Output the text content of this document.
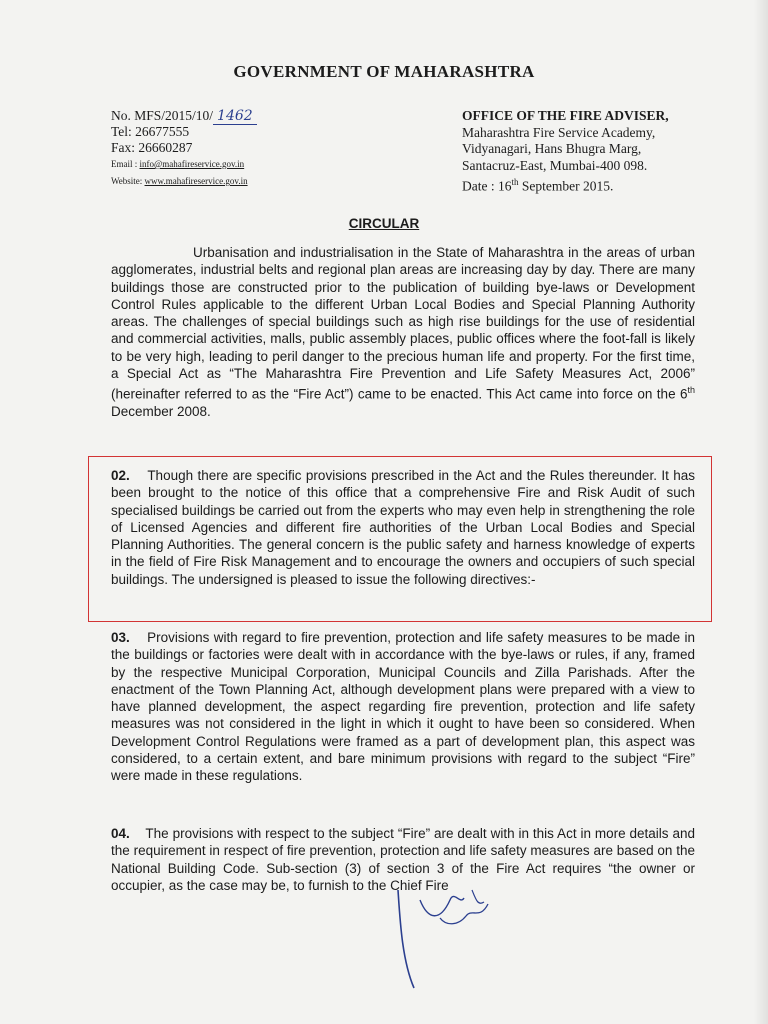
GOVERNMENT OF MAHARASHTRA
No. MFS/2015/10/ 1462
Tel: 26677555
Fax: 26660287
Email : info@mahafireservice.gov.in
Website: www.mahafireservice.gov.in
OFFICE OF THE FIRE ADVISER,
Maharashtra Fire Service Academy,
Vidyanagari, Hans Bhugra Marg,
Santacruz-East, Mumbai-400 098.
Date : 16th September 2015.
CIRCULAR
Urbanisation and industrialisation in the State of Maharashtra in the areas of urban agglomerates, industrial belts and regional plan areas are increasing day by day. There are many buildings those are constructed prior to the publication of building bye-laws or Development Control Rules applicable to the different Urban Local Bodies and Special Planning Authority areas. The challenges of special buildings such as high rise buildings for the use of residential and commercial activities, malls, public assembly places, public offices where the foot-fall is likely to be very high, leading to peril danger to the precious human life and property. For the first time, a Special Act as “The Maharashtra Fire Prevention and Life Safety Measures Act, 2006” (hereinafter referred to as the “Fire Act”) came to be enacted. This Act came into force on the 6th December 2008.
02. Though there are specific provisions prescribed in the Act and the Rules thereunder. It has been brought to the notice of this office that a comprehensive Fire and Risk Audit of such specialised buildings be carried out from the experts who may even help in strengthening the role of Licensed Agencies and different fire authorities of the Urban Local Bodies and Special Planning Authorities. The general concern is the public safety and harness knowledge of experts in the field of Fire Risk Management and to encourage the owners and occupiers of such special buildings. The undersigned is pleased to issue the following directives:-
03. Provisions with regard to fire prevention, protection and life safety measures to be made in the buildings or factories were dealt with in accordance with the bye-laws or rules, if any, framed by the respective Municipal Corporation, Municipal Councils and Zilla Parishads. After the enactment of the Town Planning Act, although development plans were prepared with a view to have planned development, the aspect regarding fire prevention, protection and life safety measures was not considered in the light in which it ought to have been so considered. When Development Control Regulations were framed as a part of development plan, this aspect was considered, to a certain extent, and bare minimum provisions with regard to the subject “Fire” were made in these regulations.
04. The provisions with respect to the subject “Fire” are dealt with in this Act in more details and the requirement in respect of fire prevention, protection and life safety measures are based on the National Building Code. Sub-section (3) of section 3 of the Fire Act requires “the owner or occupier, as the case may be, to furnish to the Chief Fire
